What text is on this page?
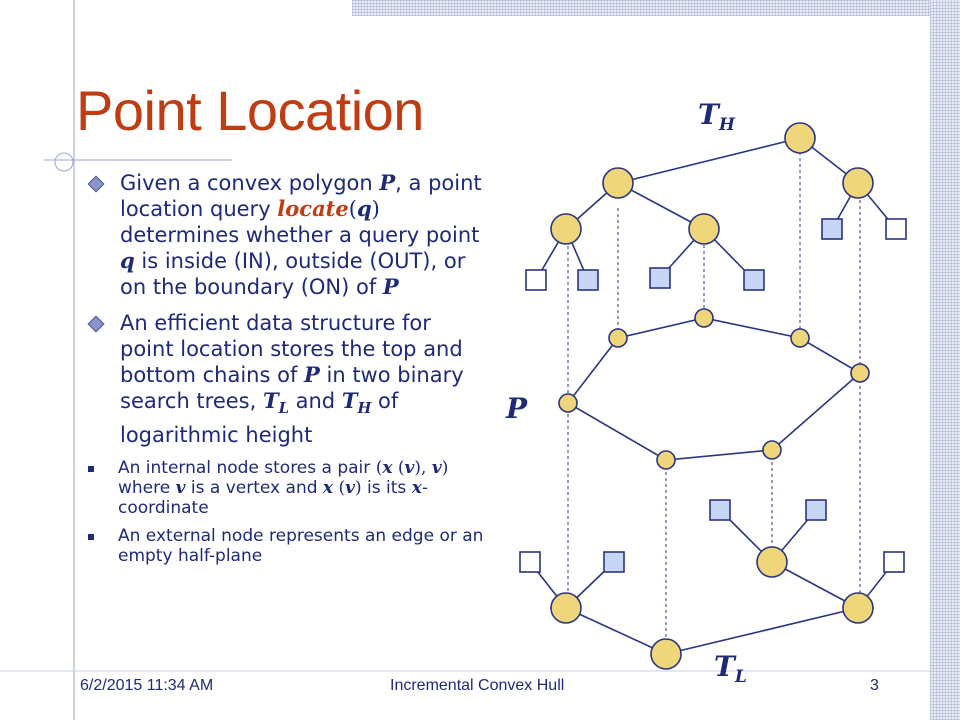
Point Location
Given a convex polygon P, a point location query locate(q) determines whether a query point q is inside (IN), outside (OUT), or on the boundary (ON) of P
An efficient data structure for point location stores the top and bottom chains of P in two binary search trees, $T_L$ and $T_H$ of logarithmic height
An internal node stores a pair (x (v), v) where v is a vertex and x (v) is its x-coordinate
An external node represents an edge or an empty half-plane
$T_H$
P
$T_L$
6/2/2015 11:34 AM	Incremental Convex Hull	3
